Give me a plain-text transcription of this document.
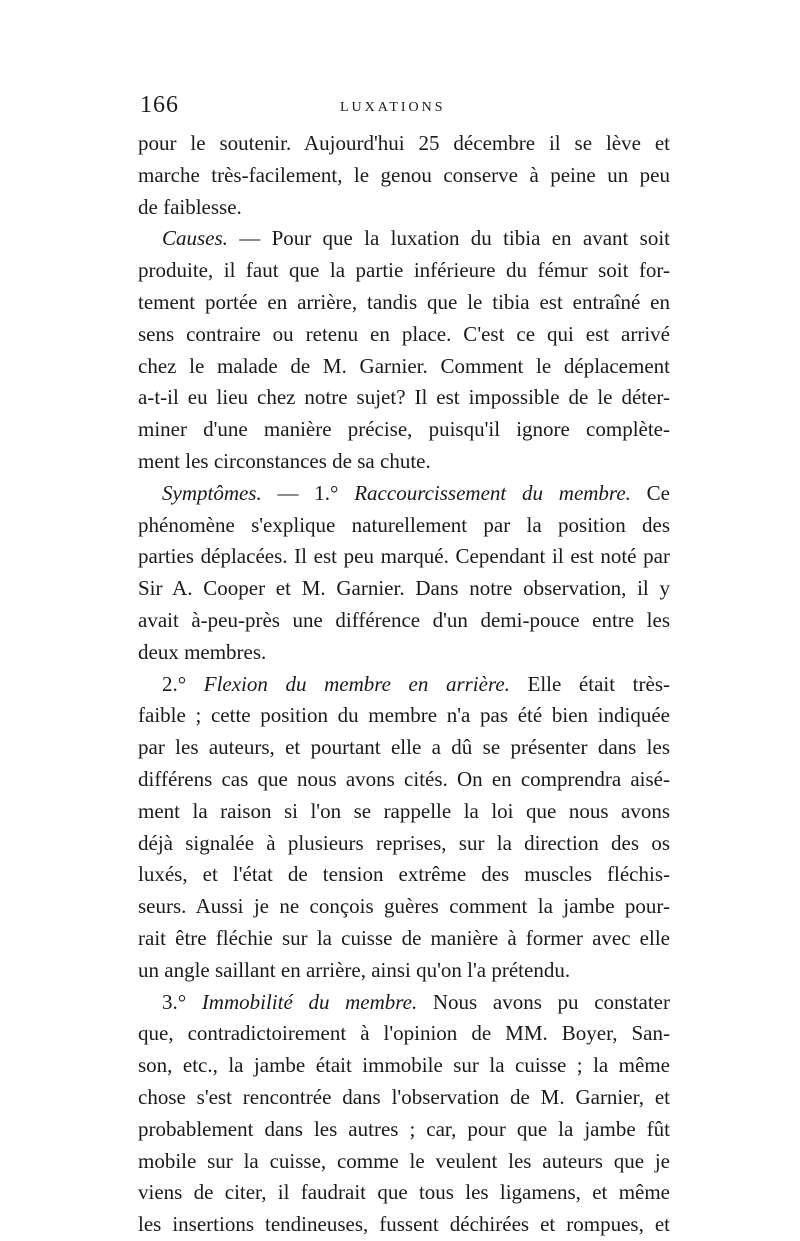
166	LUXATIONS
pour le soutenir. Aujourd'hui 25 décembre il se lève et
marche très-facilement, le genou conserve à peine un peu
de faiblesse.
Causes. — Pour que la luxation du tibia en avant soit
produite, il faut que la partie inférieure du fémur soit for-
tement portée en arrière, tandis que le tibia est entraîné en
sens contraire ou retenu en place. C'est ce qui est arrivé
chez le malade de M. Garnier. Comment le déplacement
a-t-il eu lieu chez notre sujet? Il est impossible de le déter-
miner d'une manière précise, puisqu'il ignore complète-
ment les circonstances de sa chute.
Symptômes. — 1.° Raccourcissement du membre. Ce
phénomène s'explique naturellement par la position des
parties déplacées. Il est peu marqué. Cependant il est noté par
Sir A. Cooper et M. Garnier. Dans notre observation, il y
avait à-peu-près une différence d'un demi-pouce entre les
deux membres.
2.° Flexion du membre en arrière. Elle était très-
faible ; cette position du membre n'a pas été bien indiquée
par les auteurs, et pourtant elle a dû se présenter dans les
différens cas que nous avons cités. On en comprendra aisé-
ment la raison si l'on se rappelle la loi que nous avons
déjà signalée à plusieurs reprises, sur la direction des os
luxés, et l'état de tension extrême des muscles fléchis-
seurs. Aussi je ne conçois guères comment la jambe pour-
rait être fléchie sur la cuisse de manière à former avec elle
un angle saillant en arrière, ainsi qu'on l'a prétendu.
3.° Immobilité du membre. Nous avons pu constater
que, contradictoirement à l'opinion de MM. Boyer, San-
son, etc., la jambe était immobile sur la cuisse ; la même
chose s'est rencontrée dans l'observation de M. Garnier, et
probablement dans les autres ; car, pour que la jambe fût
mobile sur la cuisse, comme le veulent les auteurs que je
viens de citer, il faudrait que tous les ligamens, et même
les insertions tendineuses, fussent déchirées et rompues, et
